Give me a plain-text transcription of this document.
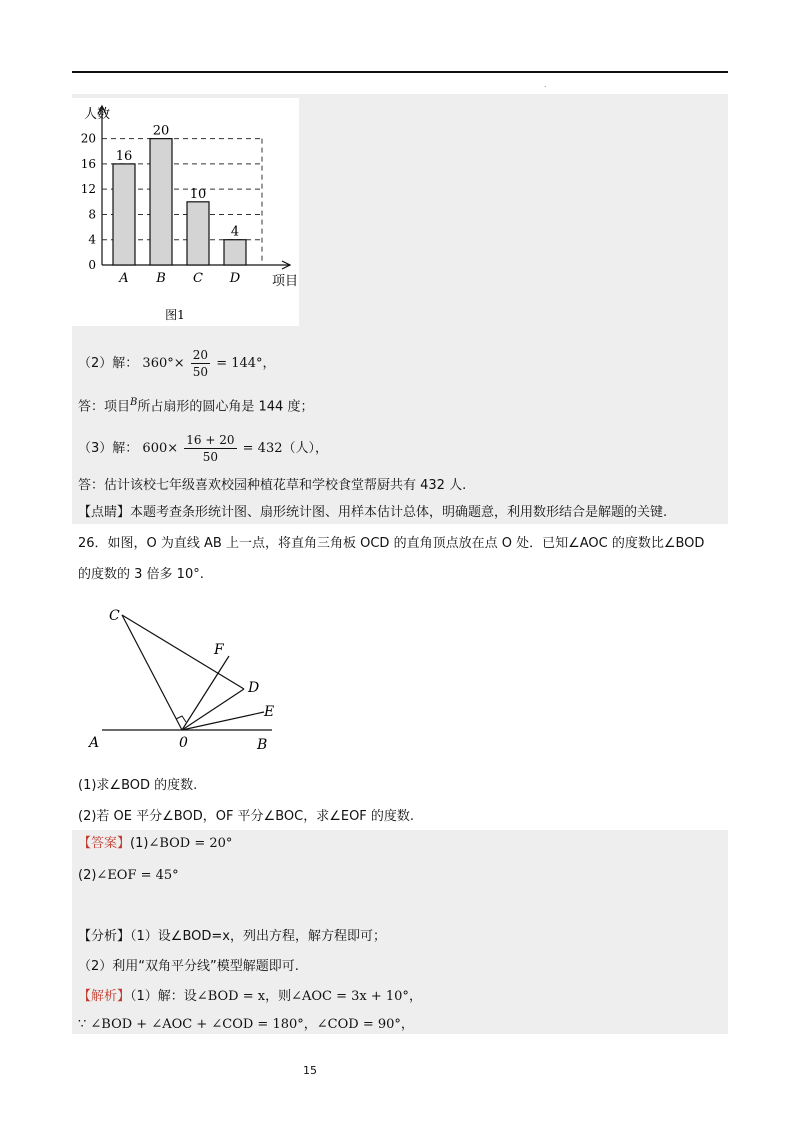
.
人数
项目
图1
0
4
8
12
16
20
16
A
20
B
10
C
4
D
（2）解： $360^\circ\times \frac{20}{50} = 144^\circ$，
答：项目$^B$所占扇形的圆心角是 144 度；
（3）解： $600\times \frac{16 + 20}{50} = 432$（人），
答：估计该校七年级喜欢校园种植花草和学校食堂帮厨共有 432 人.
【点睛】本题考查条形统计图、扇形统计图、用样本估计总体，明确题意，利用数形结合是解题的关键.
26．如图，O 为直线 AB 上一点，将直角三角板 OCD 的直角顶点放在点 O 处．已知∠AOC 的度数比∠BOD
的度数的 3 倍多 10°.
C
F
D
E
A	0	B
(1)求∠BOD 的度数.
(2)若 OE 平分∠BOD，OF 平分∠BOC，求∠EOF 的度数.
【答案】(1)∠BOD = 20°
(2)∠EOF = 45°
【分析】（1）设∠BOD=x，列出方程，解方程即可；
（2）利用“双角平分线”模型解题即可.
【解析】（1）解：设∠BOD = x，则∠AOC = 3x + 10°，
∵ ∠BOD + ∠AOC + ∠COD = 180°，∠COD = 90°，
15
